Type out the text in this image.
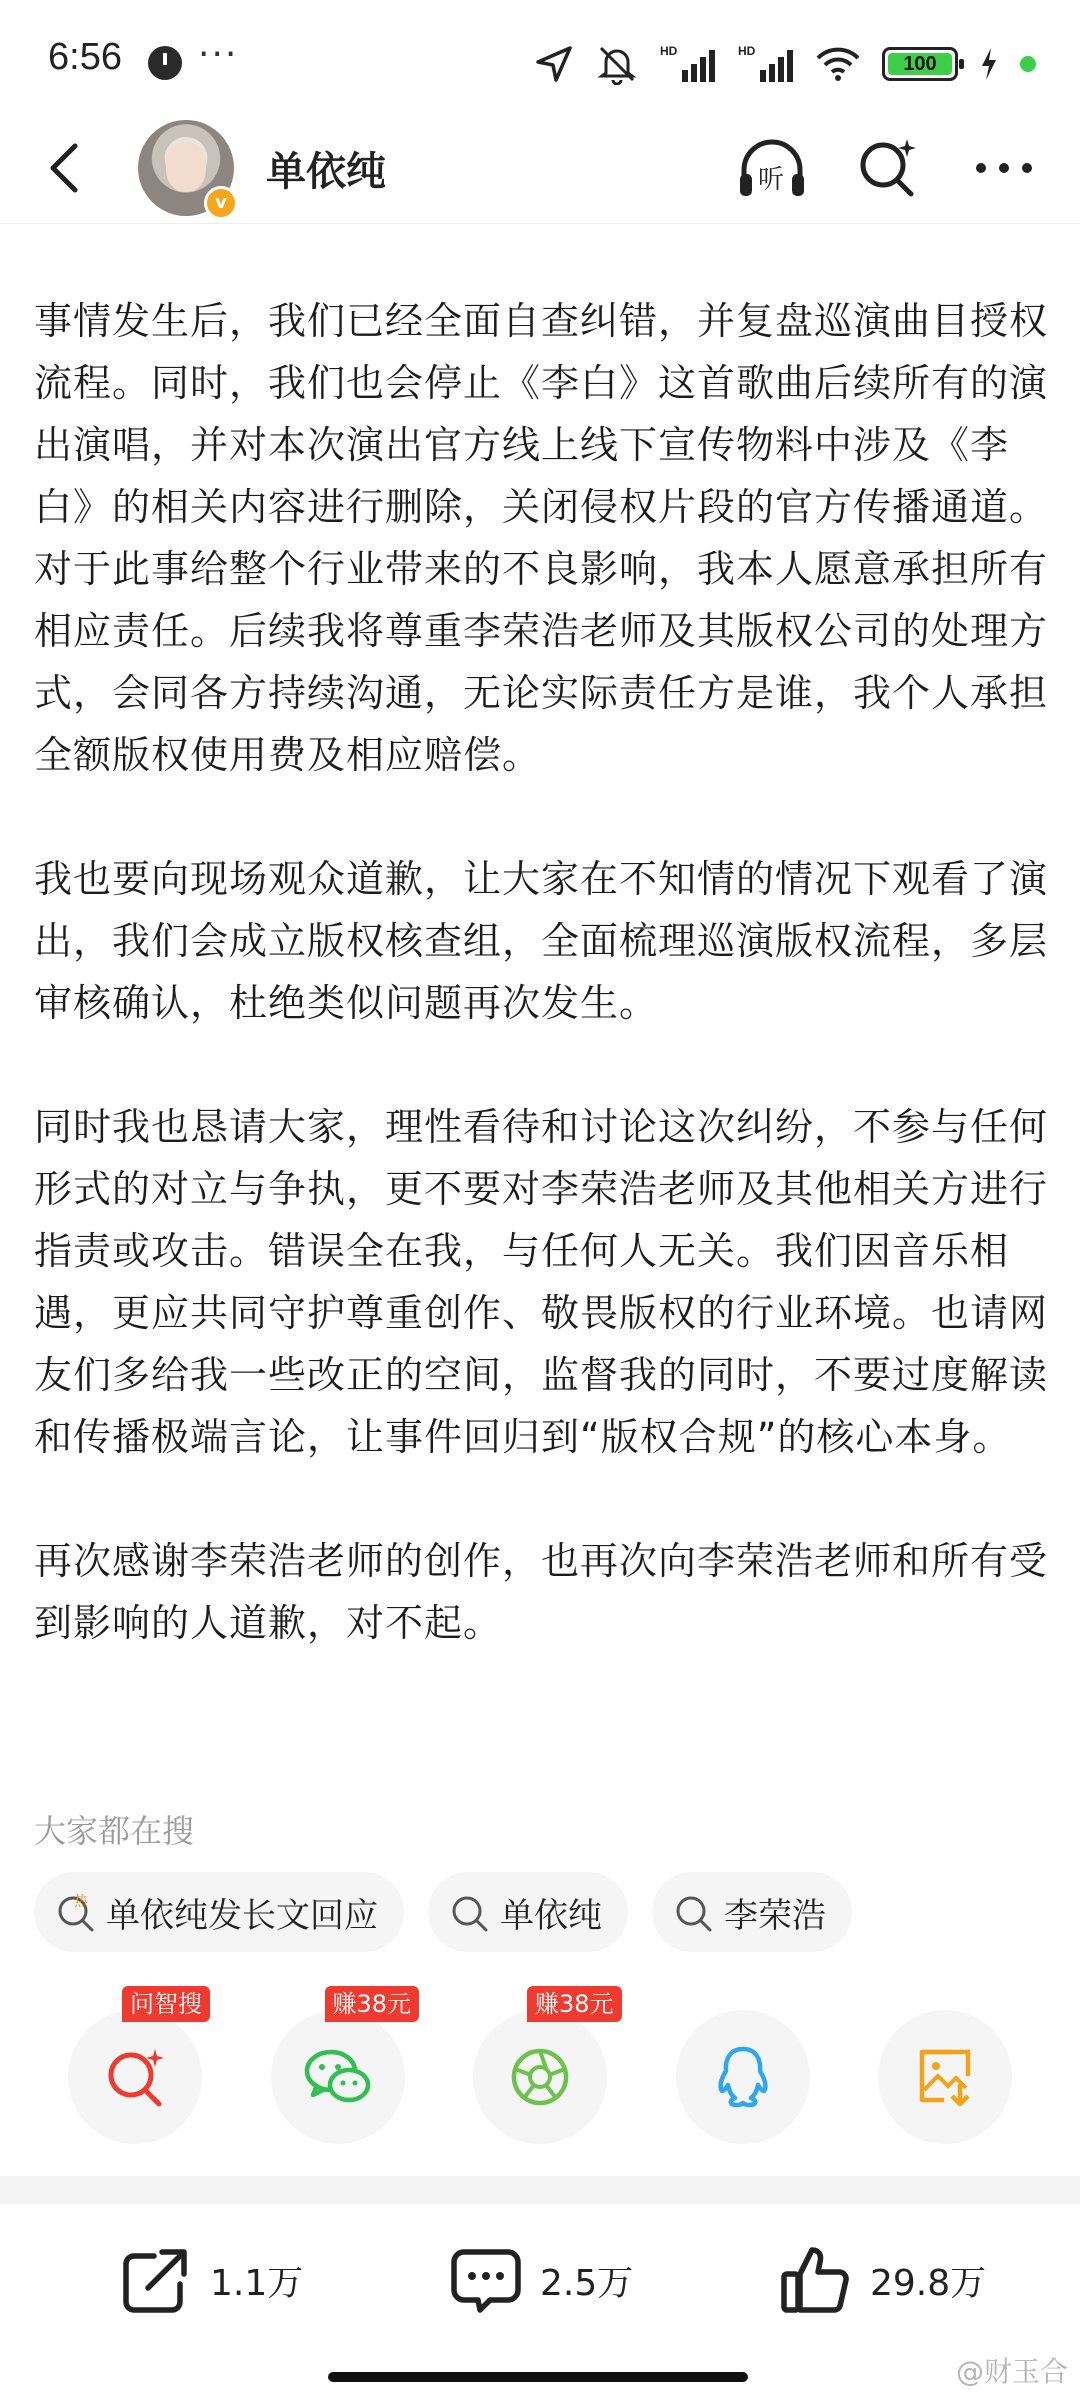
6:56 ···	HD	HD
100
v
单依纯	听

事情发生后，我们已经全面自查纠错，并复盘巡演曲目授权流程。同时，我们也会停止《李白》这首歌曲后续所有的演出演唱，并对本次演出官方线上线下宣传物料中涉及《李白》的相关内容进行删除，关闭侵权片段的官方传播通道。对于此事给整个行业带来的不良影响，我本人愿意承担所有相应责任。后续我将尊重李荣浩老师及其版权公司的处理方式，会同各方持续沟通，无论实际责任方是谁，我个人承担全额版权使用费及相应赔偿。

我也要向现场观众道歉，让大家在不知情的情况下观看了演出，我们会成立版权核查组，全面梳理巡演版权流程，多层审核确认，杜绝类似问题再次发生。

同时我也恳请大家，理性看待和讨论这次纠纷，不参与任何形式的对立与争执，更不要对李荣浩老师及其他相关方进行指责或攻击。错误全在我，与任何人无关。我们因音乐相遇，更应共同守护尊重创作、敬畏版权的行业环境。也请网友们多给我一些改正的空间，监督我的同时，不要过度解读和传播极端言论，让事件回归到“版权合规”的核心本身。

再次感谢李荣浩老师的创作，也再次向李荣浩老师和所有受到影响的人道歉，对不起。

大家都在搜
热 单依纯发长文回应	单依纯	李荣浩
问智搜	赚38元	赚38元
1.1万	2.5万	29.8万
@财玉合
